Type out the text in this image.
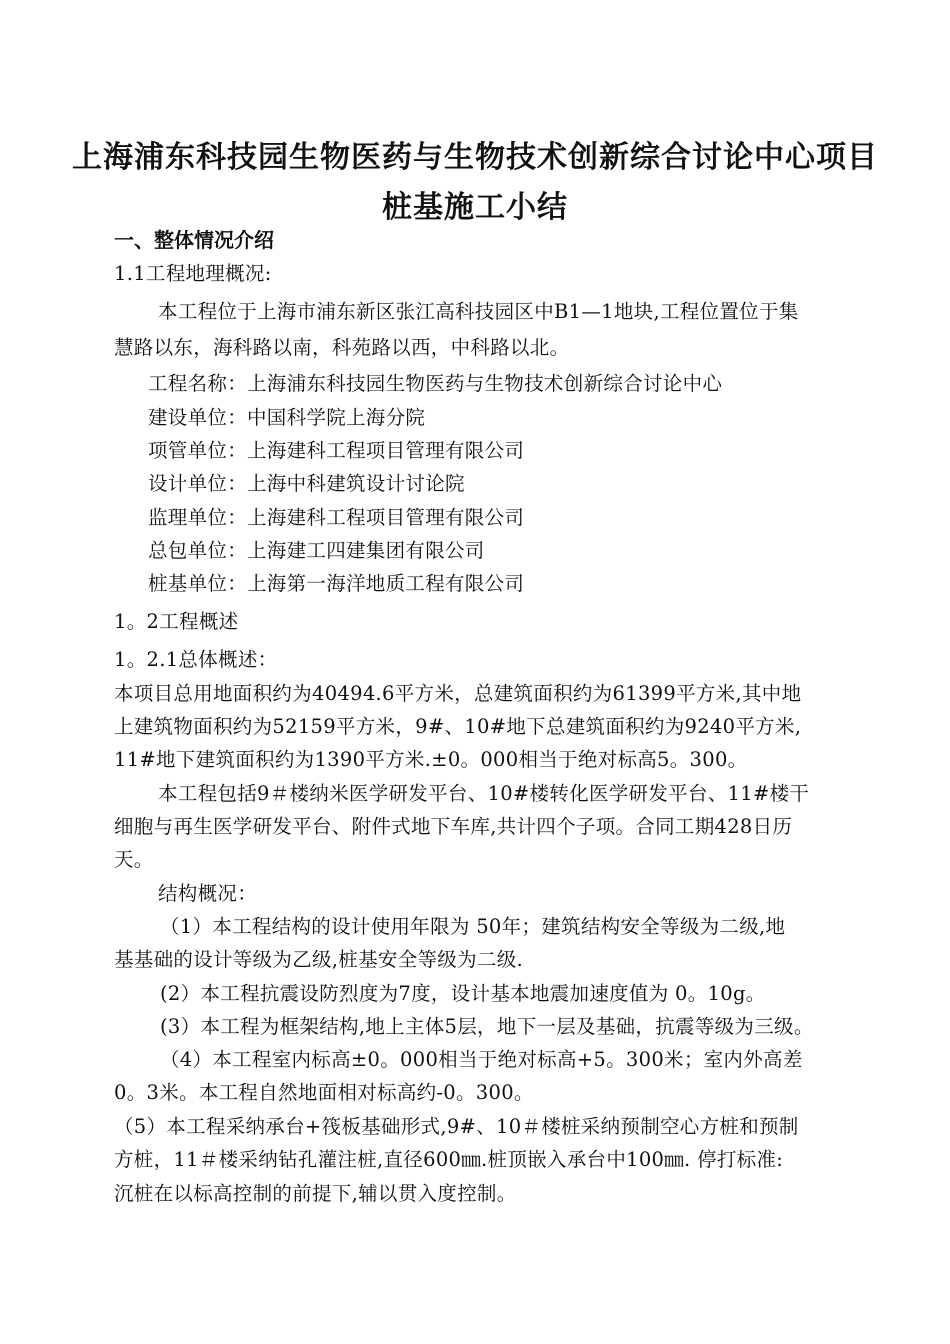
上海浦东科技园生物医药与生物技术创新综合讨论中心项目
桩基施工小结
一、整体情况介绍
1.1工程地理概况:
本工程位于上海市浦东新区张江高科技园区中B1—1地块,工程位置位于集
慧路以东，海科路以南，科苑路以西，中科路以北。
工程名称：上海浦东科技园生物医药与生物技术创新综合讨论中心
建设单位：中国科学院上海分院
项管单位：上海建科工程项目管理有限公司
设计单位：上海中科建筑设计讨论院
监理单位：上海建科工程项目管理有限公司
总包单位：上海建工四建集团有限公司
桩基单位：上海第一海洋地质工程有限公司
1。2工程概述
1。2.1总体概述：
本项目总用地面积约为40494.6平方米，总建筑面积约为61399平方米,其中地
上建筑物面积约为52159平方米，9#、10#地下总建筑面积约为9240平方米,
11#地下建筑面积约为1390平方米.±0。000相当于绝对标高5。300。
本工程包括9＃楼纳米医学研发平台、10#楼转化医学研发平台、11#楼干
细胞与再生医学研发平台、附件式地下车库,共计四个子项。合同工期428日历
天。
结构概况：
（1）本工程结构的设计使用年限为 50年；建筑结构安全等级为二级,地
基基础的设计等级为乙级,桩基安全等级为二级.
(2）本工程抗震设防烈度为7度，设计基本地震加速度值为 0。10g。
(3）本工程为框架结构,地上主体5层，地下一层及基础，抗震等级为三级。
（4）本工程室内标高±0。000相当于绝对标高+5。300米；室内外高差
0。3米。本工程自然地面相对标高约-0。300。
（5）本工程采纳承台+筏板基础形式,9#、10＃楼桩采纳预制空心方桩和预制
方桩，11＃楼采纳钻孔灌注桩,直径600㎜.桩顶嵌入承台中100㎜. 停打标准:
沉桩在以标高控制的前提下,辅以贯入度控制。
